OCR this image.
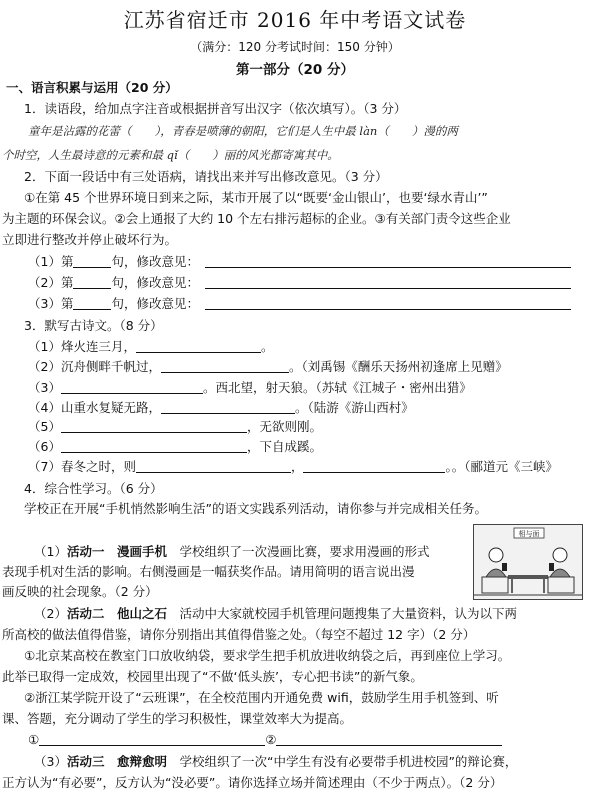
江苏省宿迁市 2016 年中考语文试卷
（满分：120 分考试时间：150 分钟）
第一部分（20 分）
一、语言积累与运用（20 分）
1．读语段，给加点字注音或根据拼音写出汉字（依次填写）。（3 分）
童年是沾露的花蕾（　　），青春是喷薄的朝阳，它们是人生中最 làn（　　）漫的两
个时空，人生最诗意的元素和最 qǐ（　　）丽的风光都寄寓其中。
2．下面一段话中有三处语病，请找出来并写出修改意见。（3 分）
①在第 45 个世界环境日到来之际，某市开展了以“既要‘金山银山’，也要‘绿水青山’”
为主题的环保会议。②会上通报了大约 10 个左右排污超标的企业。③有关部门责令这些企业
立即进行整改并停止破坏行为。
（1）第	句，修改意见：
（2）第	句，修改意见：
（3）第	句，修改意见：
3．默写古诗文。（8 分）
（1）烽火连三月，	。
（2）沉舟侧畔千帆过，	。（刘禹锡《酬乐天扬州初逢席上见赠》
（3）	。西北望，射天狼。（苏轼《江城子・密州出猎》
（4）山重水复疑无路，	。（陆游《游山西村》
（5）	，无欲则刚。
（6）	，下自成蹊。
（7）春冬之时，则	，	。。（郦道元《三峡》
4．综合性学习。（6 分）
学校正在开展“手机悄然影响生活”的语文实践系列活动，请你参与并完成相关任务。
（1）活动一　漫画手机　 学校组织了一次漫画比赛，要求用漫画的形式
表现手机对生活的影响。右侧漫画是一幅获奖作品。请用简明的语言说出漫
画反映的社会现象。（2 分）
相与面
（2）活动二　他山之石　 活动中大家就校园手机管理问题搜集了大量资料，认为以下两
所高校的做法值得借鉴，请你分别指出其值得借鉴之处。（每空不超过 12 字）（2 分）
①北京某高校在教室门口放收纳袋，要求学生把手机放进收纳袋之后，再到座位上学习。
此举已取得一定成效，校园里出现了“不做‘低头族’，专心把书读”的新气象。
②浙江某学院开设了“云班课”，在全校范围内开通免费 wifi，鼓励学生用手机签到、听
课、答题，充分调动了学生的学习积极性，课堂效率大为提高。
①	②
（3）活动三　愈辩愈明　 学校组织了一次“中学生有没有必要带手机进校园”的辩论赛，
正方认为“有必要”，反方认为“没必要”。请你选择立场并简述理由（不少于两点）。（2 分）
